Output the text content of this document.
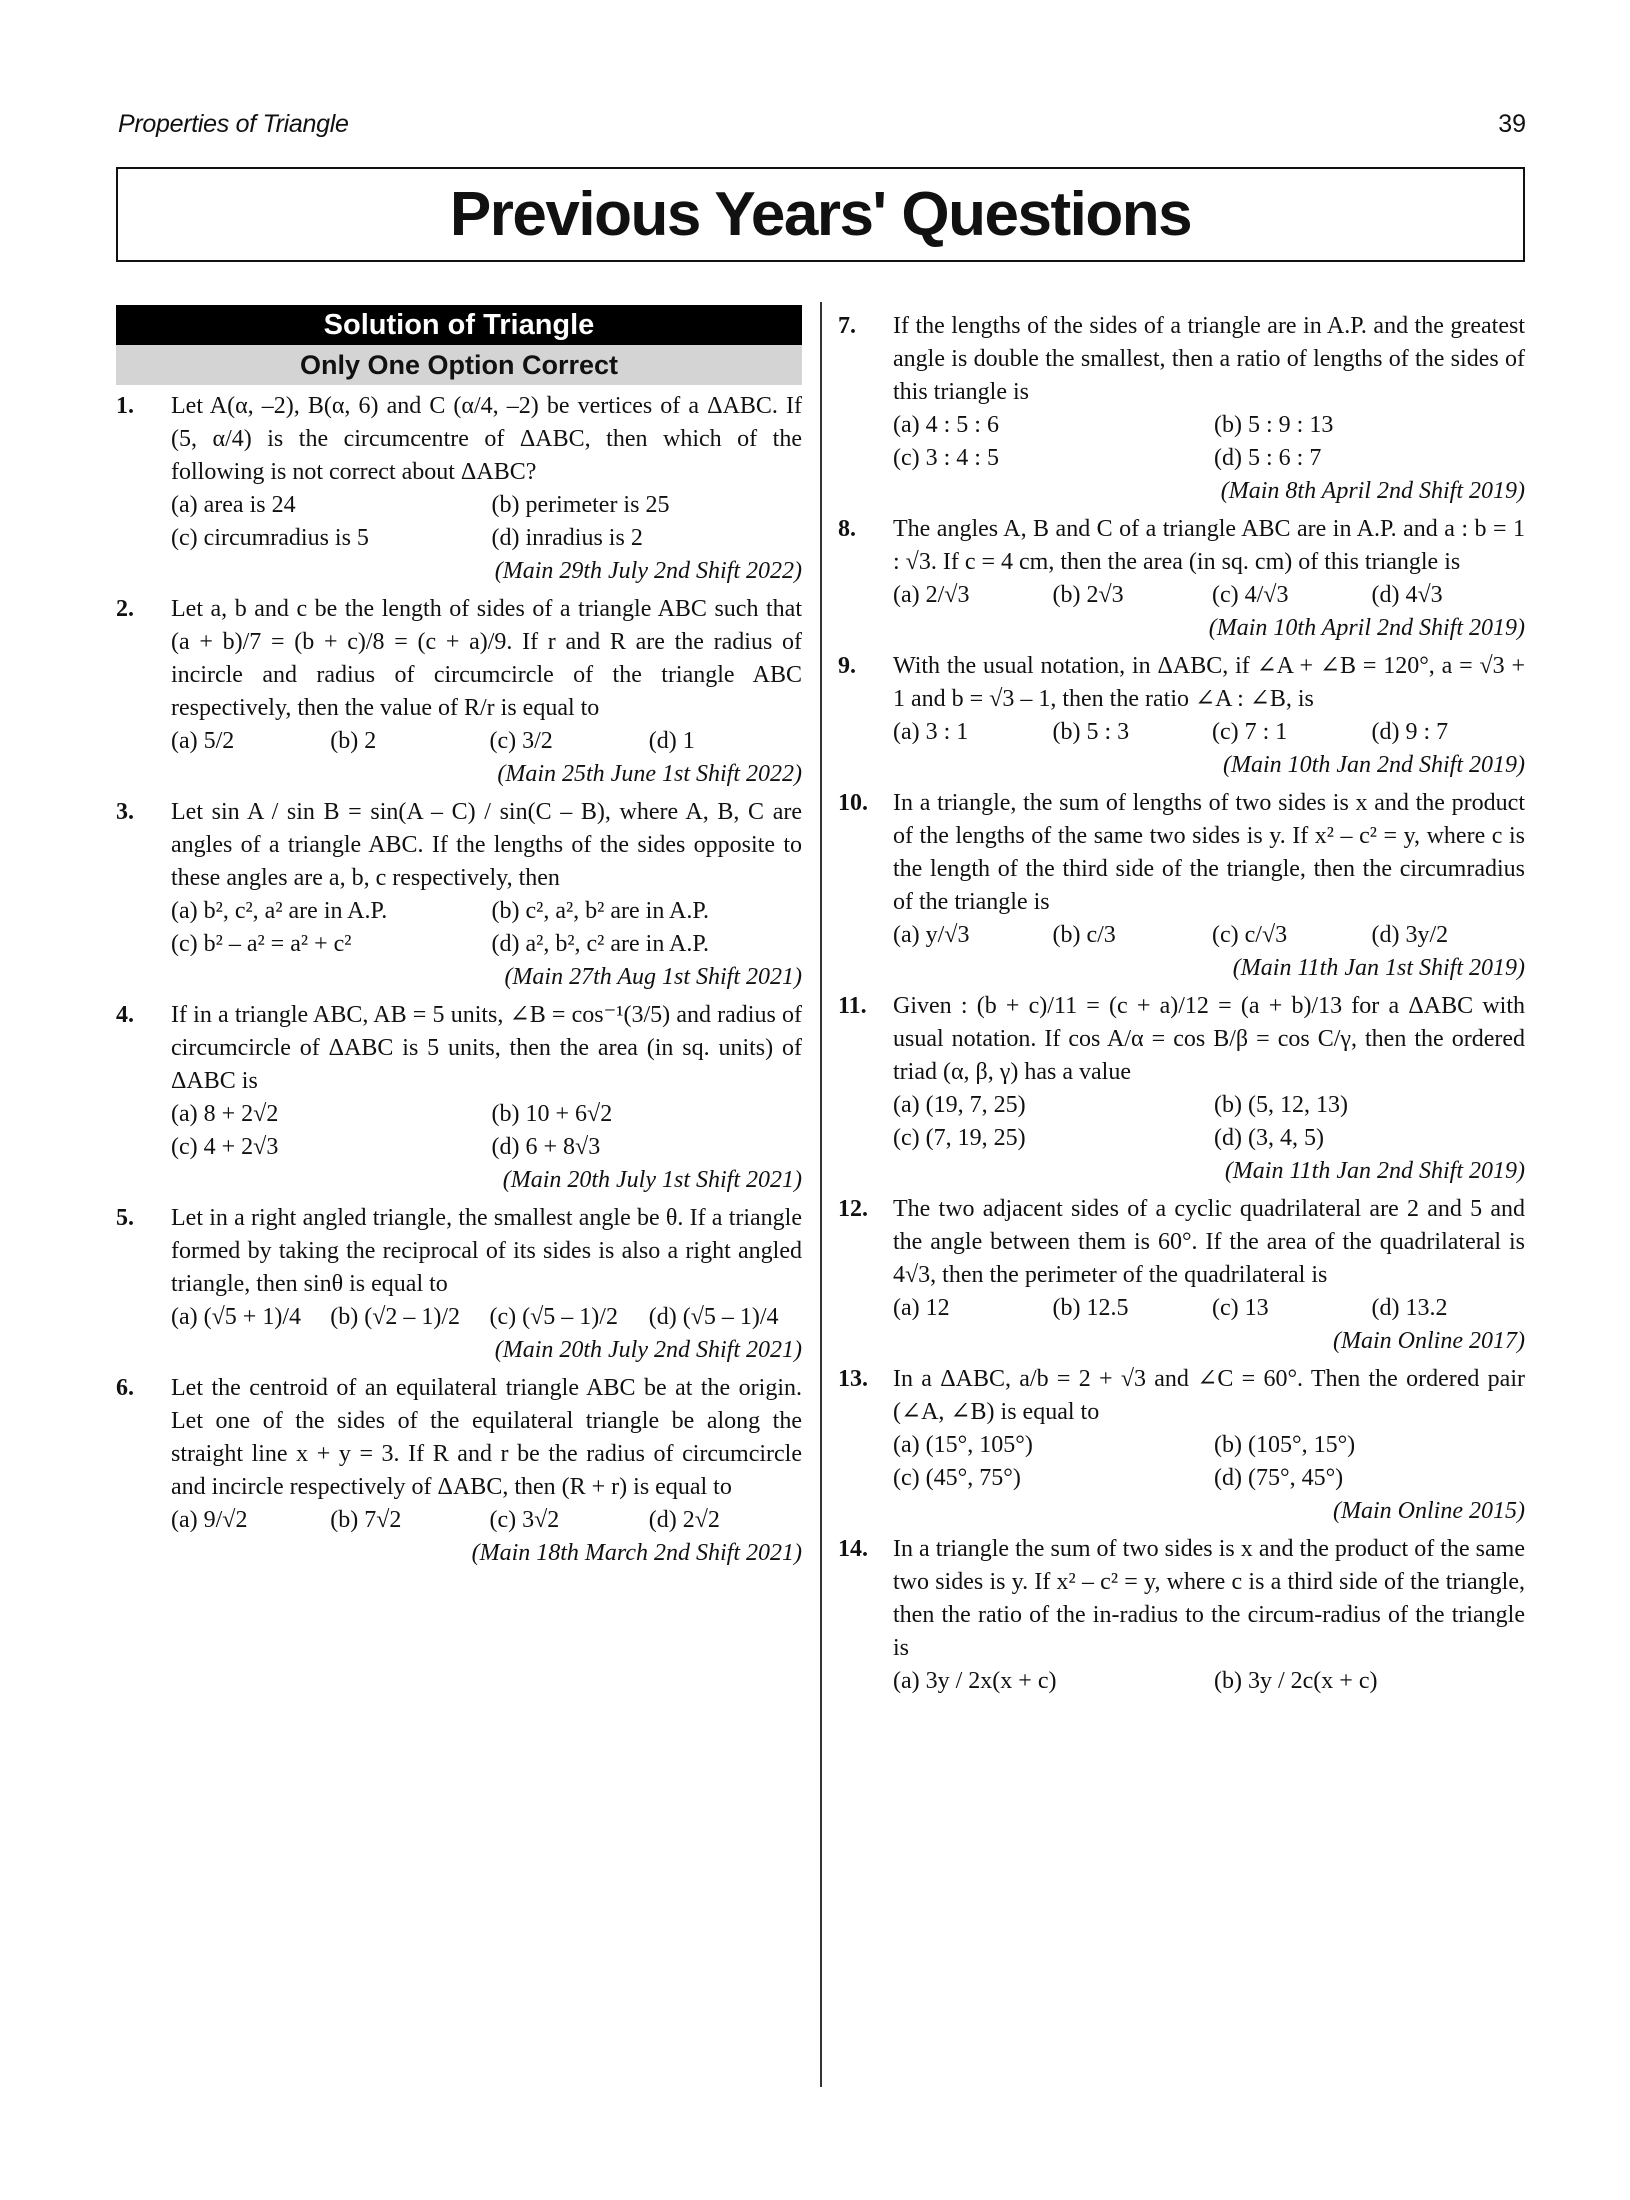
Properties of Triangle	39
Previous Years' Questions
Solution of Triangle
Only One Option Correct
1. Let A(α, –2), B(α, 6) and C (α/4, –2) be vertices of a ΔABC. If (5, α/4) is the circumcentre of ΔABC, then which of the following is not correct about ΔABC?
(a) area is 24	(b) perimeter is 25
(c) circumradius is 5	(d) inradius is 2
(Main 29th July 2nd Shift 2022)
2. Let a, b and c be the length of sides of a triangle ABC such that (a + b)/7 = (b + c)/8 = (c + a)/9. If r and R are the radius of incircle and radius of circumcircle of the triangle ABC respectively, then the value of R/r is equal to
(a) 5/2	(b) 2	(c) 3/2	(d) 1
(Main 25th June 1st Shift 2022)
3. Let sin A / sin B = sin(A – C) / sin(C – B), where A, B, C are angles of a triangle ABC. If the lengths of the sides opposite to these angles are a, b, c respectively, then
(a) b², c², a² are in A.P.	(b) c², a², b² are in A.P.
(c) b² – a² = a² + c²	(d) a², b², c² are in A.P.
(Main 27th Aug 1st Shift 2021)
4. If in a triangle ABC, AB = 5 units, ∠B = cos⁻¹(3/5) and radius of circumcircle of ΔABC is 5 units, then the area (in sq. units) of ΔABC is
(a) 8 + 2√2	(b) 10 + 6√2
(c) 4 + 2√3	(d) 6 + 8√3
(Main 20th July 1st Shift 2021)
5. Let in a right angled triangle, the smallest angle be θ. If a triangle formed by taking the reciprocal of its sides is also a right angled triangle, then sinθ is equal to
(a) (√5 + 1)/4	(b) (√2 – 1)/2	(c) (√5 – 1)/2	(d) (√5 – 1)/4
(Main 20th July 2nd Shift 2021)
6. Let the centroid of an equilateral triangle ABC be at the origin. Let one of the sides of the equilateral triangle be along the straight line x + y = 3. If R and r be the radius of circumcircle and incircle respectively of ΔABC, then (R + r) is equal to
(a) 9/√2	(b) 7√2	(c) 3√2	(d) 2√2
(Main 18th March 2nd Shift 2021)
7. If the lengths of the sides of a triangle are in A.P. and the greatest angle is double the smallest, then a ratio of lengths of the sides of this triangle is
(a) 4 : 5 : 6	(b) 5 : 9 : 13
(c) 3 : 4 : 5	(d) 5 : 6 : 7
(Main 8th April 2nd Shift 2019)
8. The angles A, B and C of a triangle ABC are in A.P. and a : b = 1 : √3. If c = 4 cm, then the area (in sq. cm) of this triangle is
(a) 2/√3	(b) 2√3	(c) 4/√3	(d) 4√3
(Main 10th April 2nd Shift 2019)
9. With the usual notation, in ΔABC, if ∠A + ∠B = 120°, a = √3 + 1 and b = √3 – 1, then the ratio ∠A : ∠B, is
(a) 3 : 1	(b) 5 : 3	(c) 7 : 1	(d) 9 : 7
(Main 10th Jan 2nd Shift 2019)
10. In a triangle, the sum of lengths of two sides is x and the product of the lengths of the same two sides is y. If x² – c² = y, where c is the length of the third side of the triangle, then the circumradius of the triangle is
(a) y/√3	(b) c/3	(c) c/√3	(d) 3y/2
(Main 11th Jan 1st Shift 2019)
11. Given : (b + c)/11 = (c + a)/12 = (a + b)/13 for a ΔABC with usual notation. If cos A/α = cos B/β = cos C/γ, then the ordered triad (α, β, γ) has a value
(a) (19, 7, 25)	(b) (5, 12, 13)
(c) (7, 19, 25)	(d) (3, 4, 5)
(Main 11th Jan 2nd Shift 2019)
12. The two adjacent sides of a cyclic quadrilateral are 2 and 5 and the angle between them is 60°. If the area of the quadrilateral is 4√3, then the perimeter of the quadrilateral is
(a) 12	(b) 12.5	(c) 13	(d) 13.2
(Main Online 2017)
13. In a ΔABC, a/b = 2 + √3 and ∠C = 60°. Then the ordered pair (∠A, ∠B) is equal to
(a) (15°, 105°)	(b) (105°, 15°)
(c) (45°, 75°)	(d) (75°, 45°)
(Main Online 2015)
14. In a triangle the sum of two sides is x and the product of the same two sides is y. If x² – c² = y, where c is a third side of the triangle, then the ratio of the in-radius to the circum-radius of the triangle is
(a) 3y / 2x(x + c)	(b) 3y / 2c(x + c)
